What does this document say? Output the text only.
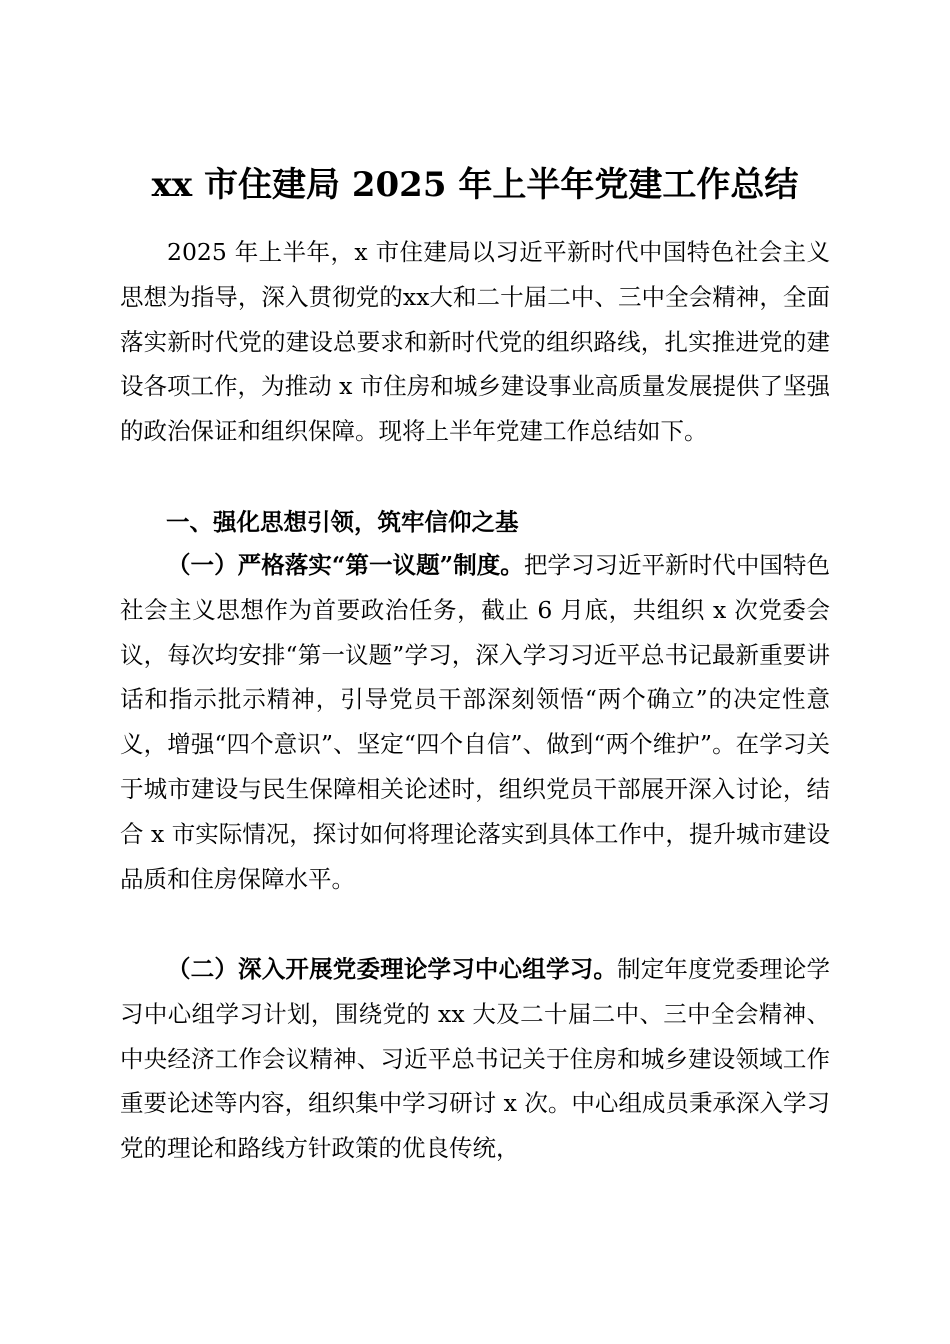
xx 市住建局 2025 年上半年党建工作总结

2025 年上半年，x 市住建局以习近平新时代中国特色社会主义思想为指导，深入贯彻党的xx大和二十届二中、三中全会精神，全面落实新时代党的建设总要求和新时代党的组织路线，扎实推进党的建设各项工作，为推动 x 市住房和城乡建设事业高质量发展提供了坚强的政治保证和组织保障。现将上半年党建工作总结如下。

一、强化思想引领，筑牢信仰之基

（一）严格落实“第一议题”制度。把学习习近平新时代中国特色社会主义思想作为首要政治任务，截止 6 月底，共组织 x 次党委会议，每次均安排“第一议题”学习，深入学习习近平总书记最新重要讲话和指示批示精神，引导党员干部深刻领悟“两个确立”的决定性意义，增强“四个意识”、坚定“四个自信”、做到“两个维护”。在学习关于城市建设与民生保障相关论述时，组织党员干部展开深入讨论，结合 x 市实际情况，探讨如何将理论落实到具体工作中，提升城市建设品质和住房保障水平。

（二）深入开展党委理论学习中心组学习。制定年度党委理论学习中心组学习计划，围绕党的 xx 大及二十届二中、三中全会精神、中央经济工作会议精神、习近平总书记关于住房和城乡建设领域工作重要论述等内容，组织集中学习研讨 x 次。中心组成员秉承深入学习党的理论和路线方针政策的优良传统，
